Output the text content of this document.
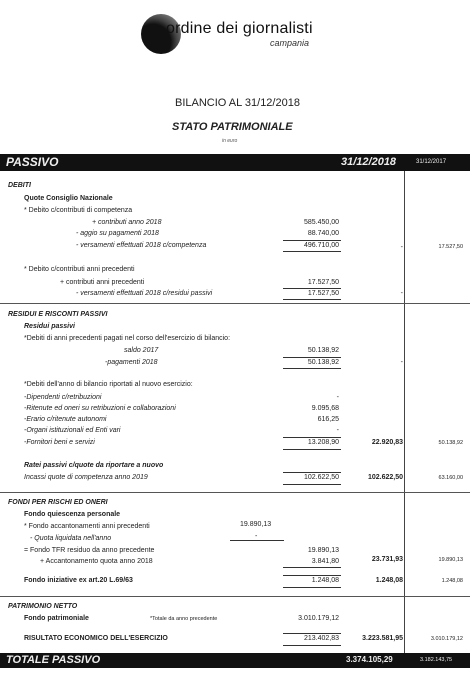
ordine dei giornalisti
campania
BILANCIO AL 31/12/2018
STATO PATRIMONIALE
in euro
PASSIVO	31/12/2018	31/12/2017
DEBITI
Quote Consiglio Nazionale
* Debito c/contributi di competenza
+ contributi anno 2018	585.450,00
- aggio su pagamenti 2018	88.740,00
- versamenti effettuati 2018 c/competenza	496.710,00	-	17.527,50
* Debito c/contributi anni precedenti
+ contributi anni precedenti	17.527,50
- versamenti effettuati 2018 c/residui passivi	17.527,50	-
RESIDUI E RISCONTI PASSIVI
Residui passivi
*Debiti di anni precedenti pagati nel corso dell'esercizio di bilancio:
saldo 2017	50.138,92
-pagamenti 2018	50.138,92	-
*Debiti dell'anno di bilancio riportati al nuovo esercizio:
-Dipendenti c/retribuzioni	-
-Ritenute ed oneri su retribuzioni e collaborazioni	9.095,68
-Erario c/ritenute autonomi	616,25
-Organi istituzionali ed Enti vari	-
-Fornitori beni e servizi	13.208,90	22.920,83	50.138,92
Ratei passivi c/quote da riportare a nuovo
Incassi quote di competenza anno 2019	102.622,50	102.622,50	63.160,00
FONDI PER RISCHI ED ONERI
Fondo quiescenza personale
* Fondo accantonamenti anni precedenti	19.890,13
- Quota liquidata nell'anno	-
= Fondo TFR residuo da anno precedente	19.890,13
+ Accantonamento quota anno 2018	3.841,80	23.731,93	19.890,13
Fondo iniziative ex art.20 L.69/63	1.248,08	1.248,08	1.248,08
PATRIMONIO NETTO
Fondo patrimoniale	*Totale da anno precedente	3.010.179,12
RISULTATO ECONOMICO DELL'ESERCIZIO	213.402,83	3.223.581,95	3.010.179,12
TOTALE PASSIVO	3.374.105,29	3.182.143,75
